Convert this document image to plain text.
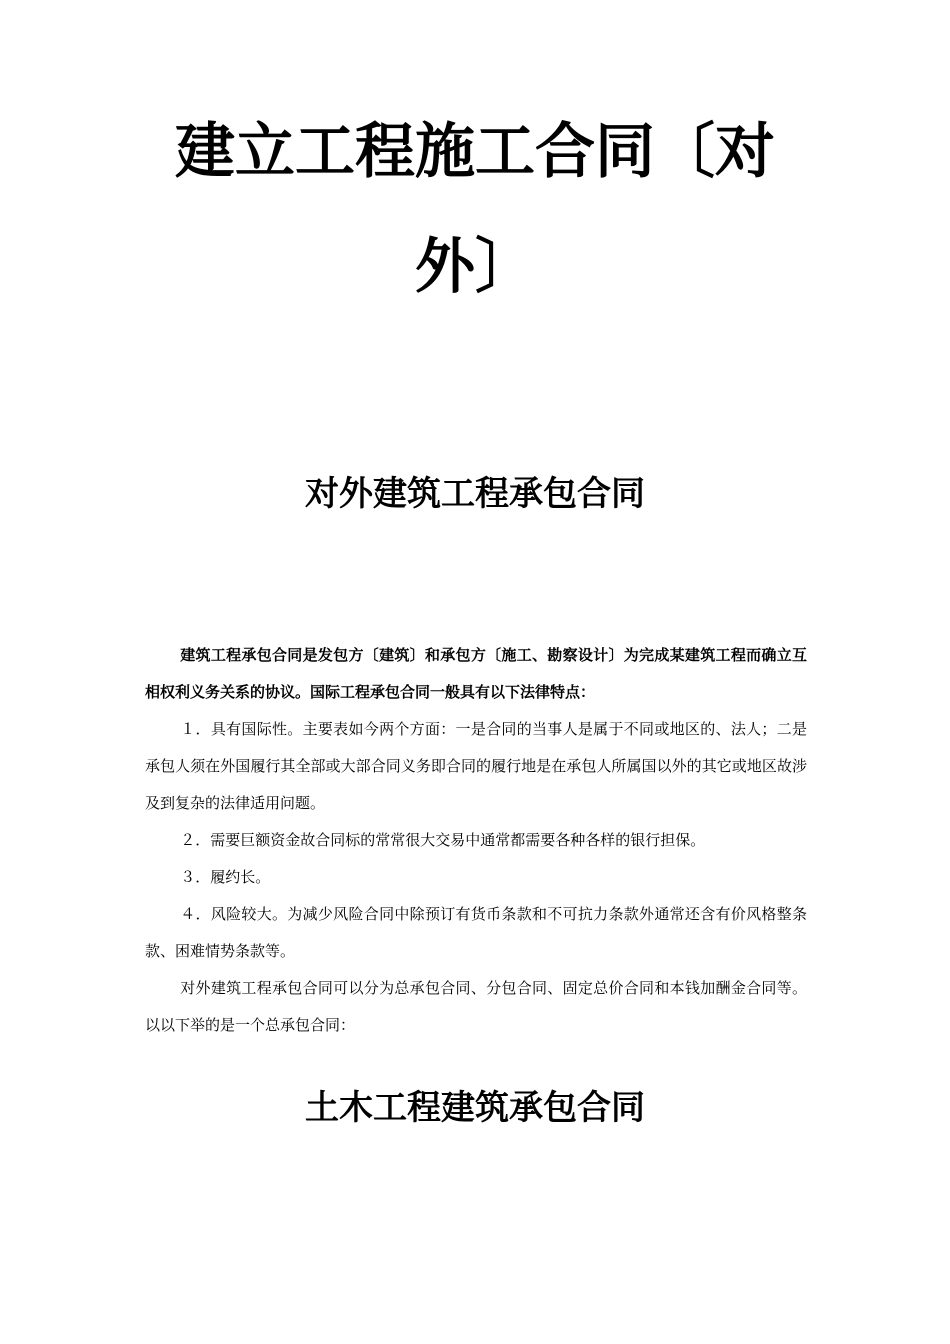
建立工程施工合同〔对
外〕
对外建筑工程承包合同

建筑工程承包合同是发包方〔建筑〕和承包方〔施工、勘察设计〕为完成某建筑工程而确立互相权利义务关系的协议。国际工程承包合同一般具有以下法律特点：

１．具有国际性。主要表如今两个方面：一是合同的当事人是属于不同或地区的、法人；二是承包人须在外国履行其全部或大部合同义务即合同的履行地是在承包人所属国以外的其它或地区故涉及到复杂的法律适用问题。

２．需要巨额资金故合同标的常常很大交易中通常都需要各种各样的银行担保。

３．履约长。

４．风险较大。为减少风险合同中除预订有货币条款和不可抗力条款外通常还含有价风格整条款、困难情势条款等。

对外建筑工程承包合同可以分为总承包合同、分包合同、固定总价合同和本钱加酬金合同等。以以下举的是一个总承包合同：

土木工程建筑承包合同
